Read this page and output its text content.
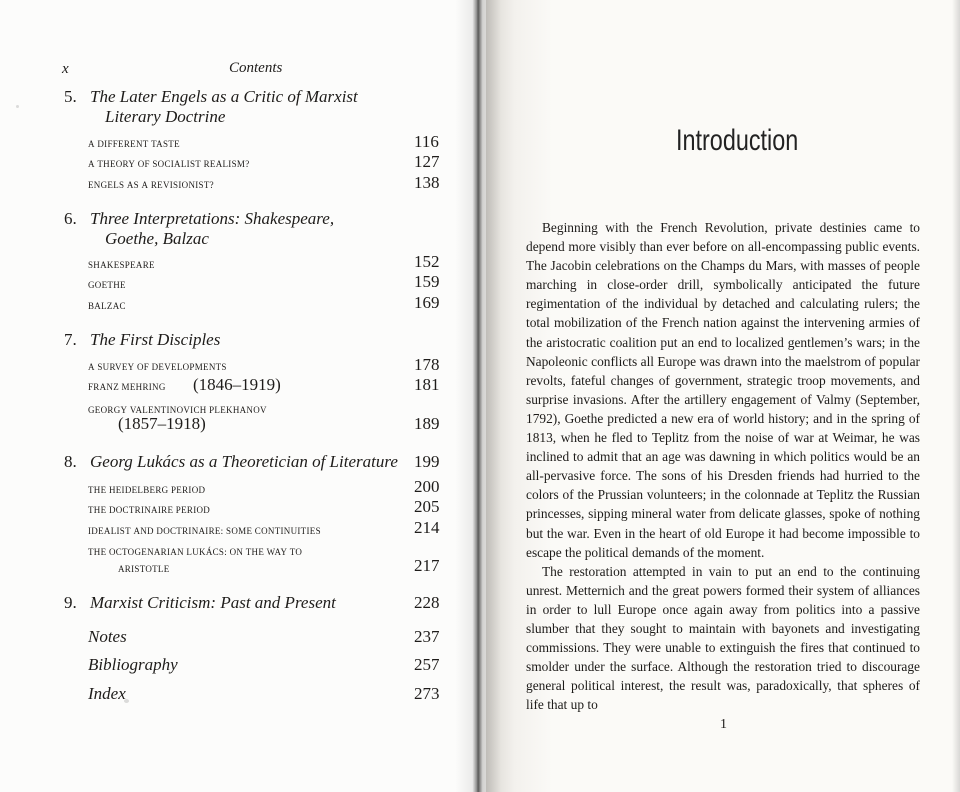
x	Contents
5. The Later Engels as a Critic of Marxist
Literary Doctrine
a different taste	116
a theory of socialist realism?	127
engels as a revisionist?	138
6. Three Interpretations: Shakespeare,
Goethe, Balzac
shakespeare	152
goethe	159
balzac	169
7. The First Disciples
a survey of developments	178
franz mehring (1846–1919)	181
georgy valentinovich plekhanov
(1857–1918)	189
8. Georg Lukács as a Theoretician of Literature 199
the heidelberg period	200
the doctrinaire period	205
idealist and doctrinaire: some continuities	214
the octogenarian lukács: on the way to
aristotle	217
9. Marxist Criticism: Past and Present	228
Notes	237
Bibliography	257
Index	273
Introduction

Beginning with the French Revolution, private destinies came to depend more visibly than ever before on all-encompassing public events. The Jacobin celebrations on the Champs du Mars, with masses of people marching in close-order drill, symbolically anticipated the future regimentation of the individual by detached and calculating rulers; the total mobilization of the French nation against the intervening armies of the aristocratic coalition put an end to localized gentlemen’s wars; in the Napoleonic conflicts all Europe was drawn into the maelstrom of popular revolts, fateful changes of government, strategic troop movements, and surprise invasions. After the artillery engagement of Valmy (September, 1792), Goethe predicted a new era of world history; and in the spring of 1813, when he fled to Teplitz from the noise of war at Weimar, he was inclined to admit that an age was dawning in which politics would be an all-pervasive force. The sons of his Dresden friends had hurried to the colors of the Prussian volunteers; in the colonnade at Teplitz the Russian princesses, sipping mineral water from delicate glasses, spoke of nothing but the war. Even in the heart of old Europe it had become impossible to escape the political demands of the moment.

The restoration attempted in vain to put an end to the continuing unrest. Metternich and the great powers formed their system of alliances in order to lull Europe once again away from politics into a passive slumber that they sought to maintain with bayonets and investigating commissions. They were unable to extinguish the fires that continued to smolder under the surface. Although the restoration tried to discourage general political interest, the result was, paradoxically, that spheres of life that up to

1
